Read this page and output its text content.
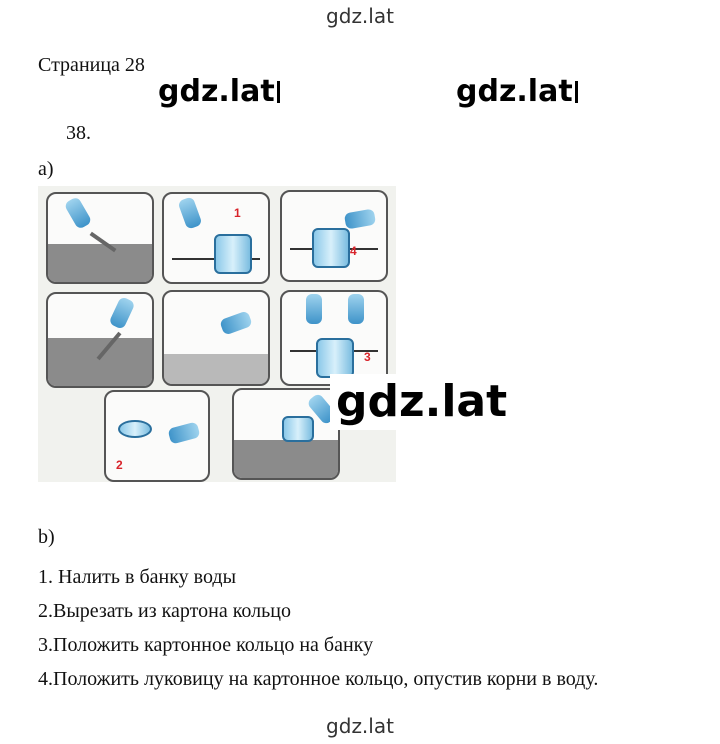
gdz.lat
Страница 28
gdz.lat	gdz.lat
38.
а)
1
4
3
2
gdz.lat
b)
1. Налить в банку воды
2.Вырезать из картона кольцо
3.Положить картонное кольцо на банку
4.Положить луковицу на картонное кольцо, опустив корни в воду.
gdz.lat
